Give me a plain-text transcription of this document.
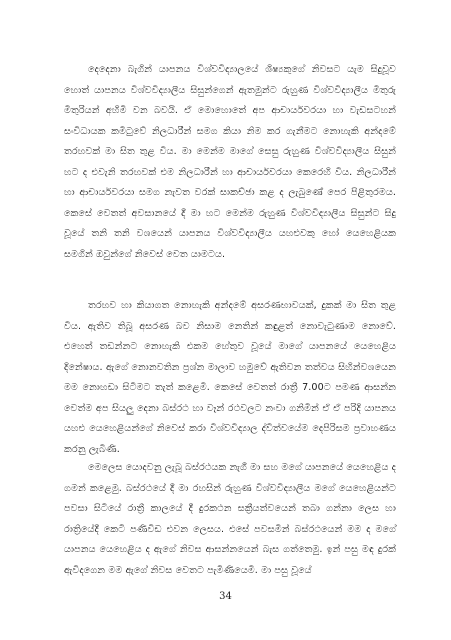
දෙදෙනා බැගින් යාපනය විශ්වවිද්‍යාලයේ ශිෂ්‍යකුගේ නිවසට යැම සිදුවූව හොත් යාපනය විශ්වවිද්‍යාලීය සිසුන්ගෙන් ඇතමුන්ට රුහුණ විශ්වවිද්‍යාලීය මිතුරු මිතුරියන් අහිමි වන බවයි. ඒ මොහොතේ අප ආචාර්යවරයා හා වැඩසටහන් සංවිධායක කමිටුවේ නිලධාරීන් සමග කියා නිම කර ගැනීමට නොහැකි අන්දමේ තරහවක් මා සිත තුළ විය. මා මෙන්ම මාගේ සෙසු රුහුණ විශ්වවිද්‍යාලීය සිසුන් හට ද එවැනි තරහවක් එම නිලධාරීන් හා ආචාර්යවරයා කෙරෙහි විය. නිලධාරීන් හා ආචාර්යවරයා සමග නැවත වරක් සාකච්ඡා කළ ද ලැබුණේ පෙර පිළිතුරමය. කෙසේ වෙතත් අවසානයේ දී මා හට මෙන්ම රුහුණ විශ්වවිද්‍යාලීය සිසුන්ට සිදු වූයේ තනි තනි වශයෙන් යාපනය විශ්වවිද්‍යාලීය යහළුවකු හෝ යෙහෙළියක සමගින් ඔවුන්ගේ නිවෙස් වෙත යාමටය.

තරහව හා කියාගත නොහැකි අන්දමේ අසරණභාවයක්, දුකක් මා සිත තුළ විය. ඇතිව තිබූ අසරණ බව නිසාම නෙතින් කඳුළත් නොවැටුණාම නොවේ. එහෙත් තඩන්නට නොහැකි එකම හේතුව වූයේ මාගේ යාපනයේ යෙහෙළිය දිනේෂාය. ඇගේ නොනවතින ප්‍රශ්න මාලාව හමුවේ ඇතිවන තත්වය සිහින්වශයෙන මම නොහඩා සිටීමට තැත් කළෙමි. කෙසේ වෙතත් රාත්‍රී 7.00ට පමණ ආසන්න වෙත්ම අප සියලු දෙනා බස්රථ හා වෑන් රථවලට නංවා ගනිමින් ඒ ඒ පරිදි යාපනය යහළු යෙහෙළියන්ගේ නිවෙස් කරා විශ්වවිද්‍යාල ද්විත්වයේම දෙපිරිසම ප්‍රවාහණය කරනු ලැබිණි.

මෙලෙස යොදවනු ලැබූ බස්රථයක නැගී මා සහ මගේ යාපනයේ යෙහෙළිය ද ගමන් කළෙමු. බස්රථයේ දී මා රහසින් රුහුණ විශ්වවිද්‍යාලීය මගේ යෙහෙළියන්ට පවසා සිටියේ රාත්‍රී කාලයේ දී දුරකථන සක්‍රීයත්වයෙන් තබා ගන්නා ලෙස හා රාත්‍රියේදී කෙටි පණිවිඩ එවන ලෙසය. එසේ පවසමින් බස්රථයෙන් මම ද මගේ යාපනය යෙහෙළිය ද ඇගේ නිවස ආසන්නයෙන් බැස ගත්තෙමු. ඉන් පසු මඳ දුරක් ඇවිදගෙන මම ඇගේ නිවස වෙතට පැමිණියෙමි. මා පසු වූයේ

34
